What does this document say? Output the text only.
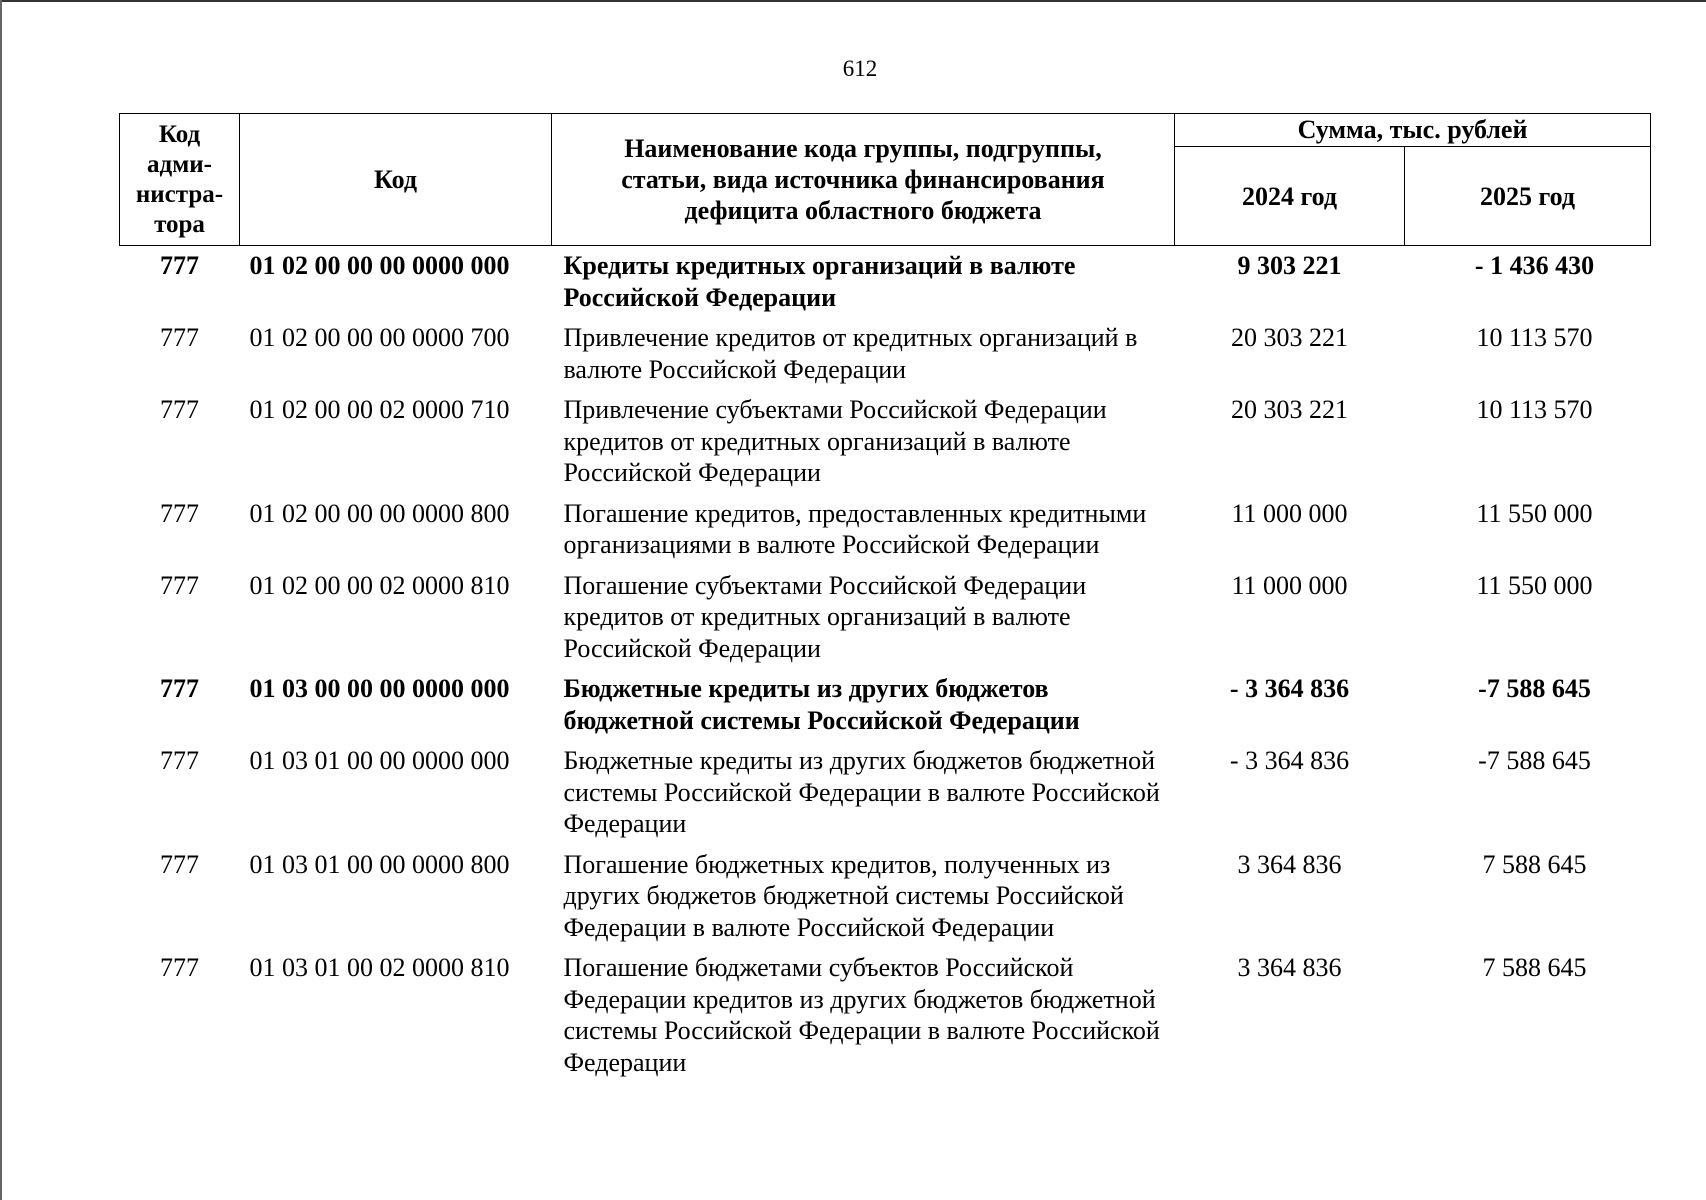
612
Код
адми-
нистра-
тора	Код	Наименование кода группы, подгруппы, статьи, вида источника финансирования дефицита областного бюджета	Сумма, тыс. рублей	
			2024 год	2025 год
777	01 02 00 00 00 0000 000	Кредиты кредитных организаций в валюте Российской Федерации	9 303 221	- 1 436 430
777	01 02 00 00 00 0000 700	Привлечение кредитов от кредитных организаций в валюте Российской Федерации	20 303 221	10 113 570
777	01 02 00 00 02 0000 710	Привлечение субъектами Российской Федерации кредитов от кредитных организаций в валюте Российской Федерации	20 303 221	10 113 570
777	01 02 00 00 00 0000 800	Погашение кредитов, предоставленных кредитными организациями в валюте Российской Федерации	11 000 000	11 550 000
777	01 02 00 00 02 0000 810	Погашение субъектами Российской Федерации кредитов от кредитных организаций в валюте Российской Федерации	11 000 000	11 550 000
777	01 03 00 00 00 0000 000	Бюджетные кредиты из других бюджетов бюджетной системы Российской Федерации	- 3 364 836	-7 588 645
777	01 03 01 00 00 0000 000	Бюджетные кредиты из других бюджетов бюджетной системы Российской Федерации в валюте Российской Федерации	- 3 364 836	-7 588 645
777	01 03 01 00 00 0000 800	Погашение бюджетных кредитов, полученных из других бюджетов бюджетной системы Российской Федерации в валюте Российской Федерации	3 364 836	7 588 645
777	01 03 01 00 02 0000 810	Погашение бюджетами субъектов Российской Федерации кредитов из других бюджетов бюджетной системы Российской Федерации в валюте Российской Федерации	3 364 836	7 588 645
